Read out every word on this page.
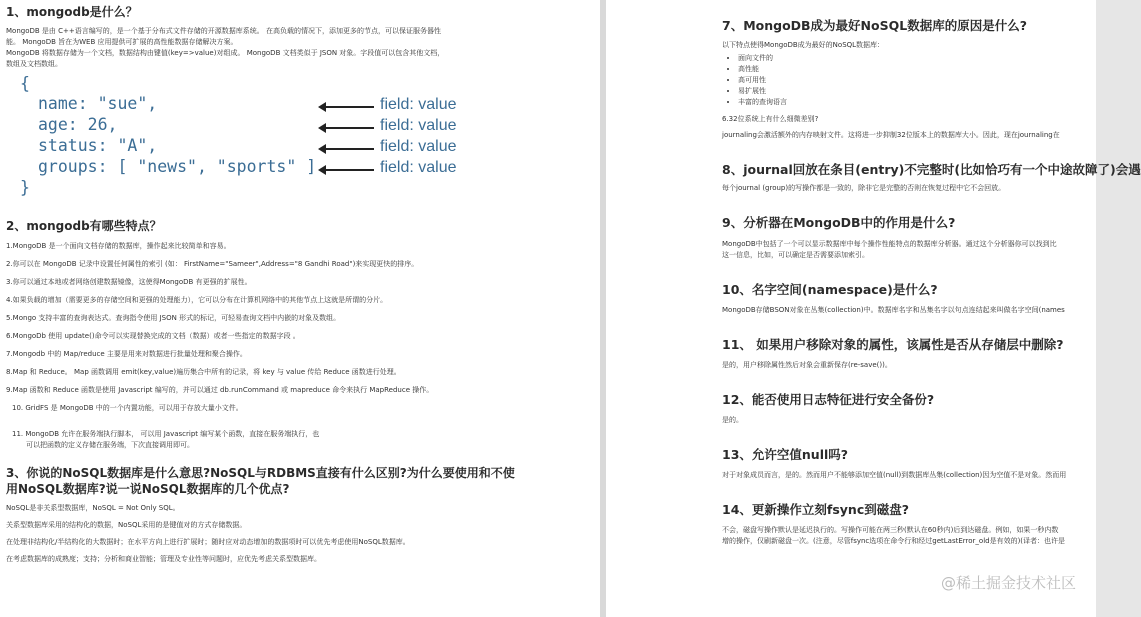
1、mongodb是什么？

MongoDB 是由 C++语言编写的，是一个基于分布式文件存储的开源数据库系统。 在高负载的情况下，添加更多的节点，可以保证服务器性

能。 MongoDB 旨在为WEB 应用提供可扩展的高性能数据存储解决方案。

MongoDB 将数据存储为一个文档，数据结构由键值(key=>value)对组成。 MongoDB 文档类似于 JSON 对象。字段值可以包含其他文档，

数组及文档数组。

{
name: "sue",
age: 26,
status: "A",
groups: [ "news", "sports" ]
}
field: value
field: value
field: value
field: value
2、mongodb有哪些特点？

1.MongoDB 是一个面向文档存储的数据库，操作起来比较简单和容易。

2.你可以在 MongoDB 记录中设置任何属性的索引 (如： FirstName="Sameer",Address="8 Gandhi Road")来实现更快的排序。

3.你可以通过本地或者网络创建数据镜像，这使得MongoDB 有更强的扩展性。

4.如果负载的增加（需要更多的存储空间和更强的处理能力），它可以分布在计算机网络中的其他节点上这就是所谓的分片。

5.Mongo 支持丰富的查询表达式。查询指令使用 JSON 形式的标记，可轻易查询文档中内嵌的对象及数组。

6.MongoDb 使用 update()命令可以实现替换完成的文档（数据）或者一些指定的数据字段 。

7.Mongodb 中的 Map/reduce 主要是用来对数据进行批量处理和聚合操作。

8.Map 和 Reduce。 Map 函数调用 emit(key,value)遍历集合中所有的记录，将 key 与 value 传给 Reduce 函数进行处理。

9.Map 函数和 Reduce 函数是使用 Javascript 编写的，并可以通过 db.runCommand 或 mapreduce 命令来执行 MapReduce 操作。

10. GridFS 是 MongoDB 中的一个内置功能，可以用于存放大量小文件。

11. MongoDB 允许在服务端执行脚本， 可以用 Javascript 编写某个函数，直接在服务端执行，也

可以把函数的定义存储在服务端，下次直接调用即可。

3、你说的NoSQL数据库是什么意思?NoSQL与RDBMS直接有什么区别?为什么要使用和不使
用NoSQL数据库?说一说NoSQL数据库的几个优点?

NoSQL是非关系型数据库，NoSQL = Not Only SQL。

关系型数据库采用的结构化的数据，NoSQL采用的是键值对的方式存储数据。

在处理非结构化/半结构化的大数据时；在水平方向上进行扩展时；随时应对动态增加的数据项时可以优先考虑使用NoSQL数据库。

在考虑数据库的成熟度；支持；分析和商业智能；管理及专业性等问题时，应优先考虑关系型数据库。

7、MongoDB成为最好NoSQL数据库的原因是什么?

以下特点使得MongoDB成为最好的NoSQL数据库：

• 面向文件的
• 高性能
• 高可用性
• 易扩展性
• 丰富的查询语言

6.32位系统上有什么细微差别?

journaling会激活额外的内存映射文件。这将进一步抑制32位版本上的数据库大小。因此，现在journaling在

8、journal回放在条目(entry)不完整时(比如恰巧有一个中途故障了)会遇

每个journal (group)的写操作都是一致的，除非它是完整的否则在恢复过程中它不会回放。

9、分析器在MongoDB中的作用是什么?

MongoDB中包括了一个可以显示数据库中每个操作性能特点的数据库分析器。通过这个分析器你可以找到比

这一信息，比如，可以确定是否需要添加索引。

10、名字空间(namespace)是什么?

MongoDB存储BSON对象在丛集(collection)中。数据库名字和丛集名字以句点连结起来叫做名字空间(names

11、 如果用户移除对象的属性，该属性是否从存储层中删除?

是的，用户移除属性然后对象会重新保存(re-save())。

12、能否使用日志特征进行安全备份?

是的。

13、允许空值null吗?

对于对象成员而言，是的。然而用户不能够添加空值(null)到数据库丛集(collection)因为空值不是对象。然而用

14、更新操作立刻fsync到磁盘?

不会，磁盘写操作默认是延迟执行的。写操作可能在两三秒(默认在60秒内)后到达磁盘。例如，如果一秒内数

增的操作，仅刷新磁盘一次。(注意，尽管fsync选项在命令行和经过getLastError_old是有效的)(译者：也许是

@稀土掘金技术社区
